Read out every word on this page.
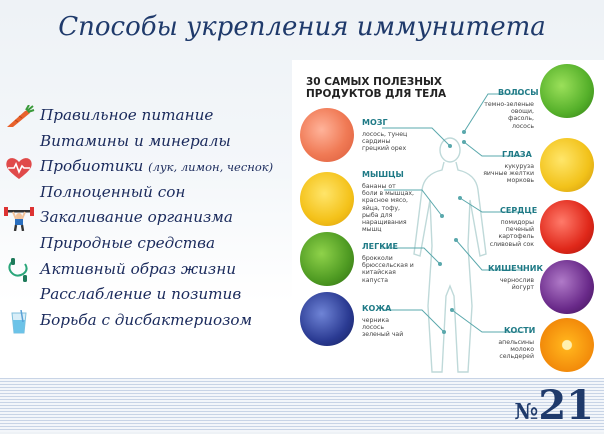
Способы укрепления иммунитета
Правильное питание
Витамины и минералы
Пробиотики (лук, лимон, чеснок)
Полноценный сон
Закаливание организма
Природные средства
Активный образ жизни
Расслабление и позитив
Борьба с дисбактериозом
30 САМЫХ ПОЛЕЗНЫХ
ПРОДУКТОВ ДЛЯ ТЕЛА
МОЗГ
лосось, тунец
сардины
грецкий орех
МЫШЦЫ
бананы от
боли в мышцах,
красное мясо,
яйца, тофу,
рыба для
наращивания
мышц
ЛЕГКИЕ
брокколи
брюссельская и
китайская
капуста
КОЖА
черника
лосось
зеленый чай
ВОЛОСЫ
темно-зеленые
овощи, фасоль,
лосось
ГЛАЗА
кукуруза
яичные желтки
морковь
СЕРДЦЕ
помидоры
печеный
картофель
сливовый сок
КИШЕЧНИК
чернослив
йогурт
КОСТИ
апельсины
молоко
сельдерей
№21
